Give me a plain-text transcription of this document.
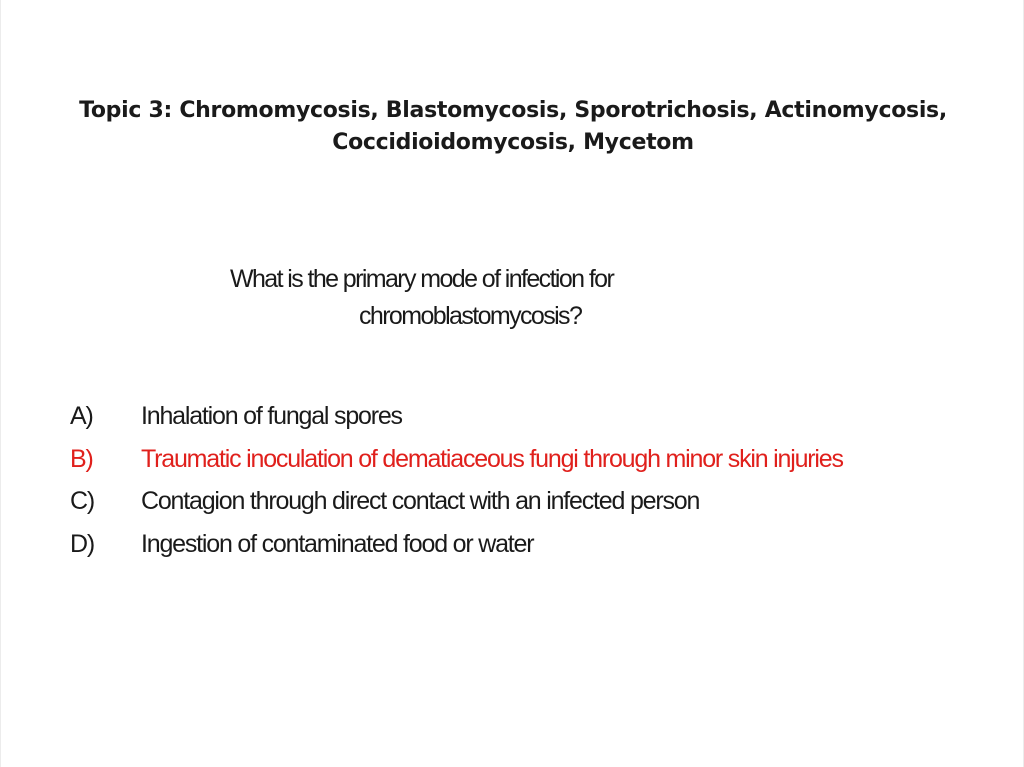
Topic 3: Chromomycosis, Blastomycosis, Sporotrichosis, Actinomycosis,
Coccidioidomycosis, Mycetom
What is the primary mode of infection for
chromoblastomycosis?
A) Inhalation of fungal spores
B) Traumatic inoculation of dematiaceous fungi through minor skin injuries
C) Contagion through direct contact with an infected person
D) Ingestion of contaminated food or water
